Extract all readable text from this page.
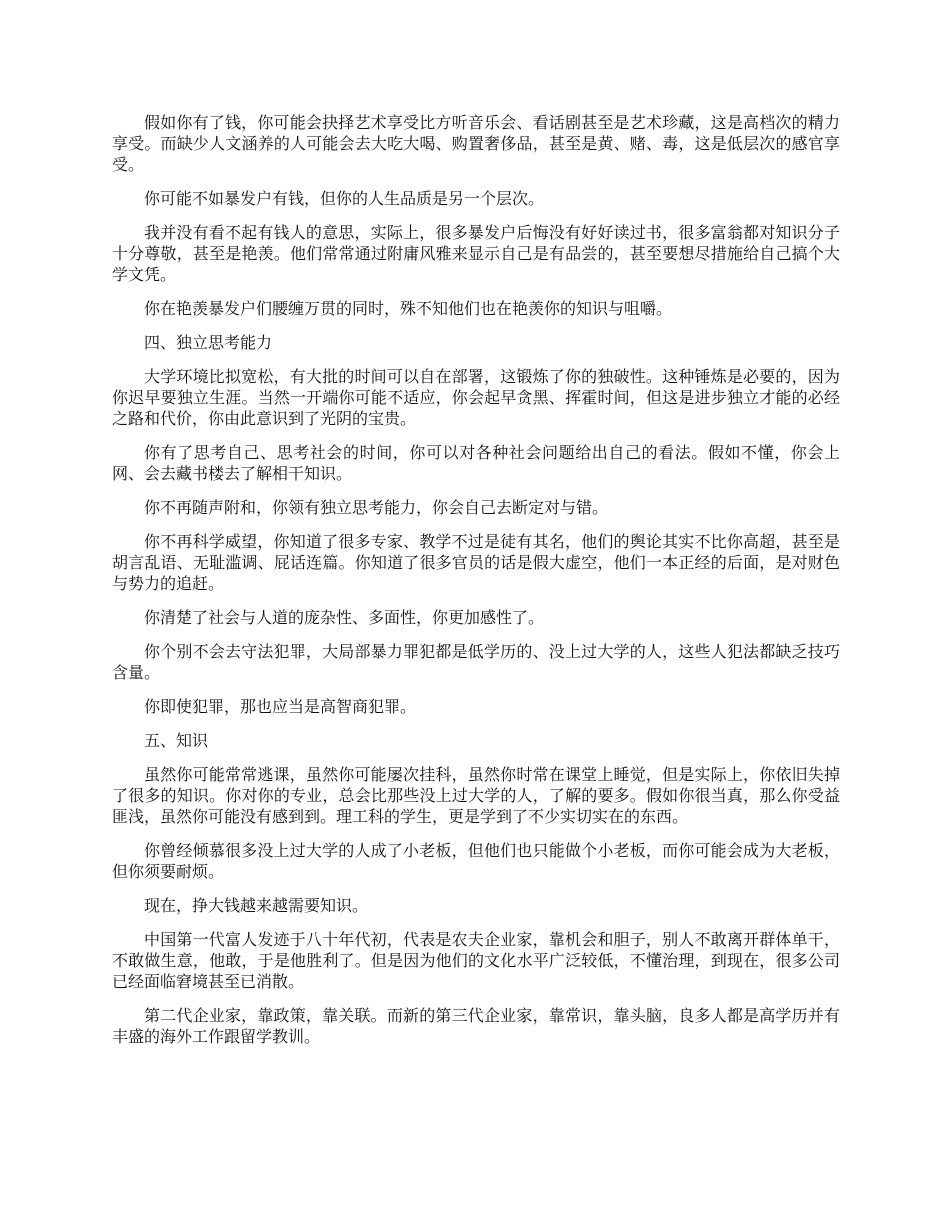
假如你有了钱，你可能会抉择艺术享受比方听音乐会、看话剧甚至是艺术珍藏，这是高档次的精力享受。而缺少人文涵养的人可能会去大吃大喝、购置奢侈品，甚至是黄、赌、毒，这是低层次的感官享受。

你可能不如暴发户有钱，但你的人生品质是另一个层次。

我并没有看不起有钱人的意思，实际上，很多暴发户后悔没有好好读过书，很多富翁都对知识分子十分尊敬，甚至是艳羡。他们常常通过附庸风雅来显示自己是有品尝的，甚至要想尽措施给自己搞个大学文凭。

你在艳羡暴发户们腰缠万贯的同时，殊不知他们也在艳羡你的知识与咀嚼。

四、独立思考能力

大学环境比拟宽松，有大批的时间可以自在部署，这锻炼了你的独破性。这种锤炼是必要的，因为你迟早要独立生涯。当然一开端你可能不适应，你会起早贪黑、挥霍时间，但这是进步独立才能的必经之路和代价，你由此意识到了光阴的宝贵。

你有了思考自己、思考社会的时间，你可以对各种社会问题给出自己的看法。假如不懂，你会上网、会去藏书楼去了解相干知识。

你不再随声附和，你领有独立思考能力，你会自己去断定对与错。

你不再科学威望，你知道了很多专家、教学不过是徒有其名，他们的舆论其实不比你高超，甚至是胡言乱语、无耻滥调、屁话连篇。你知道了很多官员的话是假大虚空，他们一本正经的后面，是对财色与势力的追赶。

你清楚了社会与人道的庞杂性、多面性，你更加感性了。

你个别不会去守法犯罪，大局部暴力罪犯都是低学历的、没上过大学的人，这些人犯法都缺乏技巧含量。

你即使犯罪，那也应当是高智商犯罪。

五、知识

虽然你可能常常逃课，虽然你可能屡次挂科，虽然你时常在课堂上睡觉，但是实际上，你依旧失掉了很多的知识。你对你的专业，总会比那些没上过大学的人，了解的要多。假如你很当真，那么你受益匪浅，虽然你可能没有感到到。理工科的学生，更是学到了不少实切实在的东西。

你曾经倾慕很多没上过大学的人成了小老板，但他们也只能做个小老板，而你可能会成为大老板，但你须要耐烦。

现在，挣大钱越来越需要知识。

中国第一代富人发迹于八十年代初，代表是农夫企业家，靠机会和胆子，别人不敢离开群体单干，不敢做生意，他敢，于是他胜利了。但是因为他们的文化水平广泛较低，不懂治理，到现在，很多公司已经面临窘境甚至已消散。

第二代企业家，靠政策，靠关联。而新的第三代企业家，靠常识，靠头脑，良多人都是高学历并有丰盛的海外工作跟留学教训。
